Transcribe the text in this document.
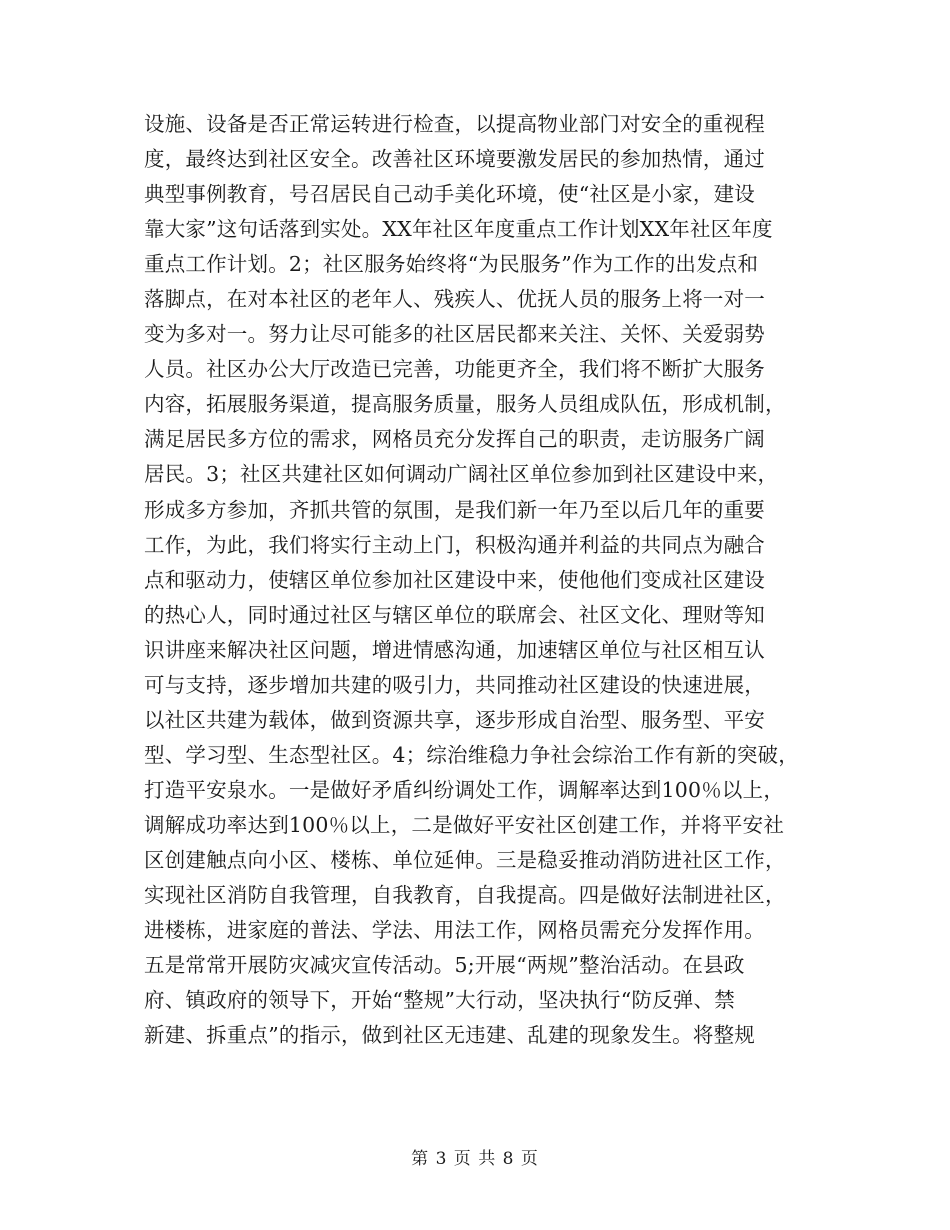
设施、设备是否正常运转进行检查，以提高物业部门对安全的重视程
度，最终达到社区安全。改善社区环境要激发居民的参加热情，通过
典型事例教育，号召居民自己动手美化环境，使“社区是小家，建设
靠大家”这句话落到实处。XX年社区年度重点工作计划XX年社区年度
重点工作计划。2；社区服务始终将“为民服务”作为工作的出发点和
落脚点，在对本社区的老年人、残疾人、优抚人员的服务上将一对一
变为多对一。努力让尽可能多的社区居民都来关注、关怀、关爱弱势
人员。社区办公大厅改造已完善，功能更齐全，我们将不断扩大服务
内容，拓展服务渠道，提高服务质量，服务人员组成队伍，形成机制，
满足居民多方位的需求，网格员充分发挥自己的职责，走访服务广阔
居民。3；社区共建社区如何调动广阔社区单位参加到社区建设中来，
形成多方参加，齐抓共管的氛围，是我们新一年乃至以后几年的重要
工作，为此，我们将实行主动上门，积极沟通并利益的共同点为融合
点和驱动力，使辖区单位参加社区建设中来，使他他们变成社区建设
的热心人，同时通过社区与辖区单位的联席会、社区文化、理财等知
识讲座来解决社区问题，增进情感沟通，加速辖区单位与社区相互认
可与支持，逐步增加共建的吸引力，共同推动社区建设的快速进展，
以社区共建为载体，做到资源共享，逐步形成自治型、服务型、平安
型、学习型、生态型社区。4；综治维稳力争社会综治工作有新的突破，
打造平安泉水。一是做好矛盾纠纷调处工作，调解率达到100％以上，
调解成功率达到100％以上，二是做好平安社区创建工作，并将平安社
区创建触点向小区、楼栋、单位延伸。三是稳妥推动消防进社区工作，
实现社区消防自我管理，自我教育，自我提高。四是做好法制进社区，
进楼栋，进家庭的普法、学法、用法工作，网格员需充分发挥作用。
五是常常开展防灾减灾宣传活动。5;开展“两规”整治活动。在县政
府、镇政府的领导下，开始“整规”大行动，坚决执行“防反弹、禁
新建、拆重点”的指示，做到社区无违建、乱建的现象发生。将整规
第 3 页 共 8 页
